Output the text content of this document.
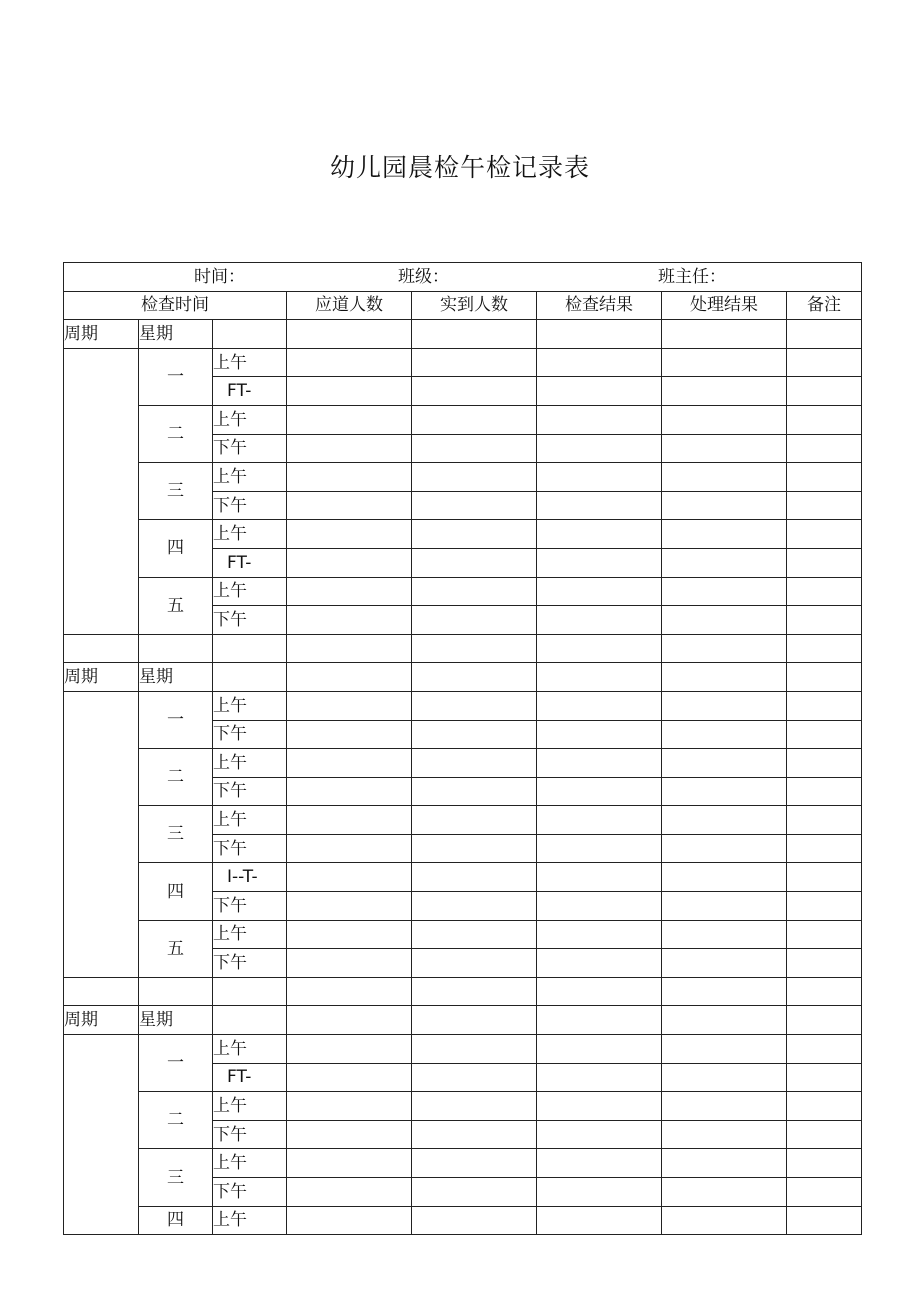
幼儿园晨检午检记录表
时间： 班级： 班主任：							

检查时间			应道人数	实到人数	检查结果	处理结果	备注
周期	星期						
	一	上午					
		FT-					
	二	上午					
		下午					
	三	上午					
		下午					
	四	上午					
		FT-					
	五	上午					
		下午					

周期	星期						
	一	上午					
		下午					
	二	上午					
		下午					
	三	上午					
		下午					
	四	I--T-					
		下午					
	五	上午					
		下午					

周期	星期						
	一	上午					
		FT-					
	二	上午					
		下午					
	三	上午					
		下午					
	四	上午					
